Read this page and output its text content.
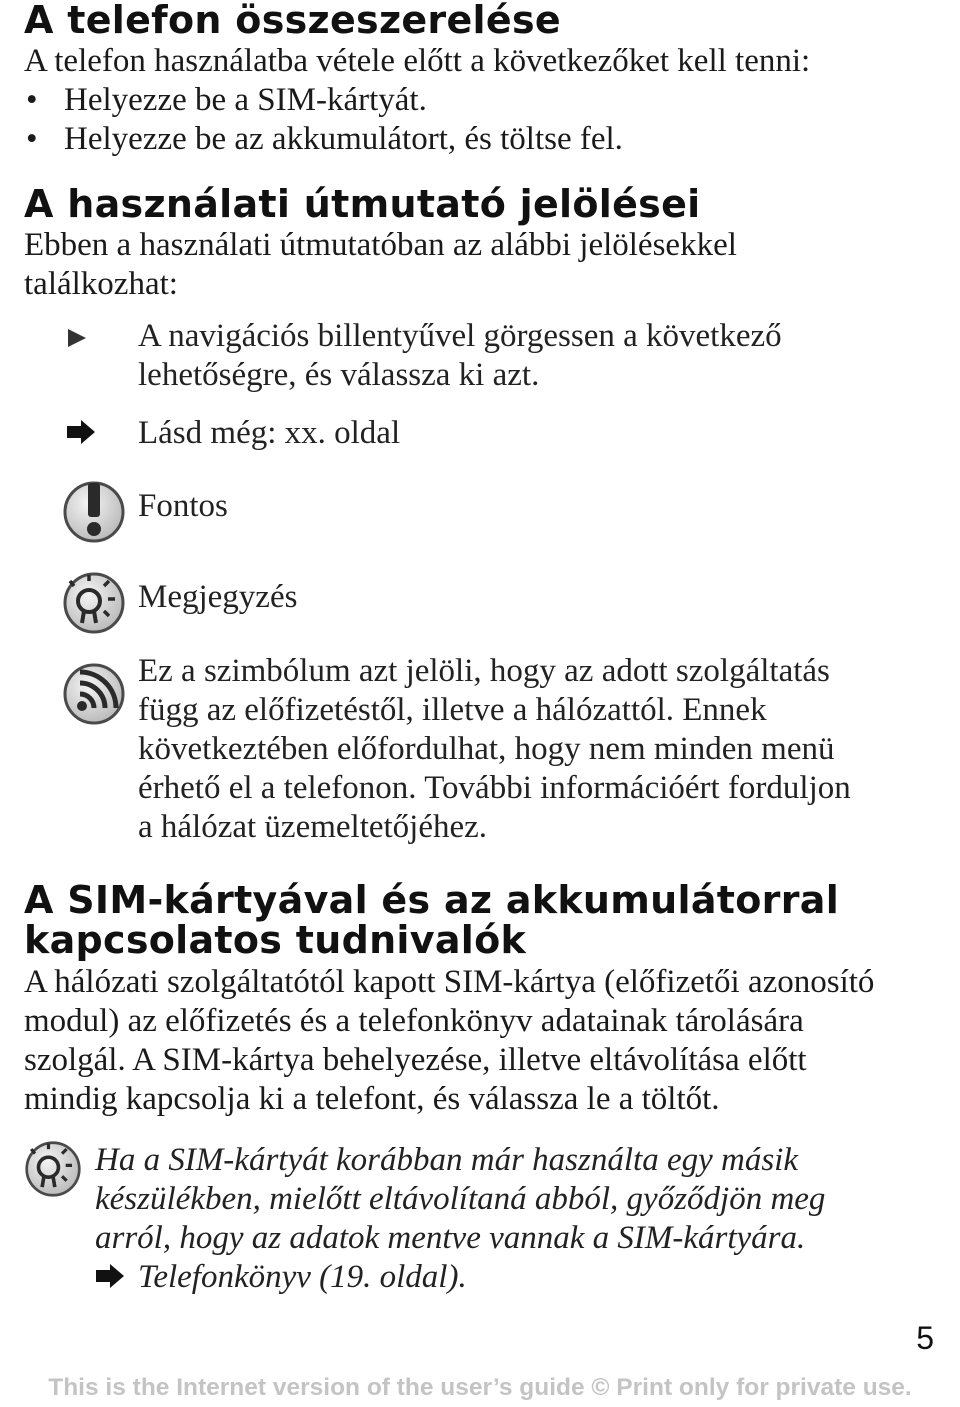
A telefon összeszerelése

A telefon használatba vétele előtt a következőket kell tenni:

• Helyezze be a SIM-kártyát.
• Helyezze be az akkumulátort, és töltse fel.
A használati útmutató jelölései

Ebben a használati útmutatóban az alábbi jelölésekkel

találkozhat:

A navigációs billentyűvel görgessen a következő

lehetőségre, és válassza ki azt.

Lásd még: xx. oldal

Fontos

Megjegyzés

Ez a szimbólum azt jelöli, hogy az adott szolgáltatás

függ az előfizetéstől, illetve a hálózattól. Ennek

következtében előfordulhat, hogy nem minden menü

érhető el a telefonon. További információért forduljon

a hálózat üzemeltetőjéhez.

A SIM-kártyával és az akkumulátorral
kapcsolatos tudnivalók

A hálózati szolgáltatótól kapott SIM-kártya (előfizetői azonosító

modul) az előfizetés és a telefonkönyv adatainak tárolására

szolgál. A SIM-kártya behelyezése, illetve eltávolítása előtt

mindig kapcsolja ki a telefont, és válassza le a töltőt.

Ha a SIM-kártyát korábban már használta egy másik

készülékben, mielőtt eltávolítaná abból, győződjön meg

arról, hogy az adatok mentve vannak a SIM-kártyára.

Telefonkönyv (19. oldal).

5
This is the Internet version of the user’s guide © Print only for private use.
